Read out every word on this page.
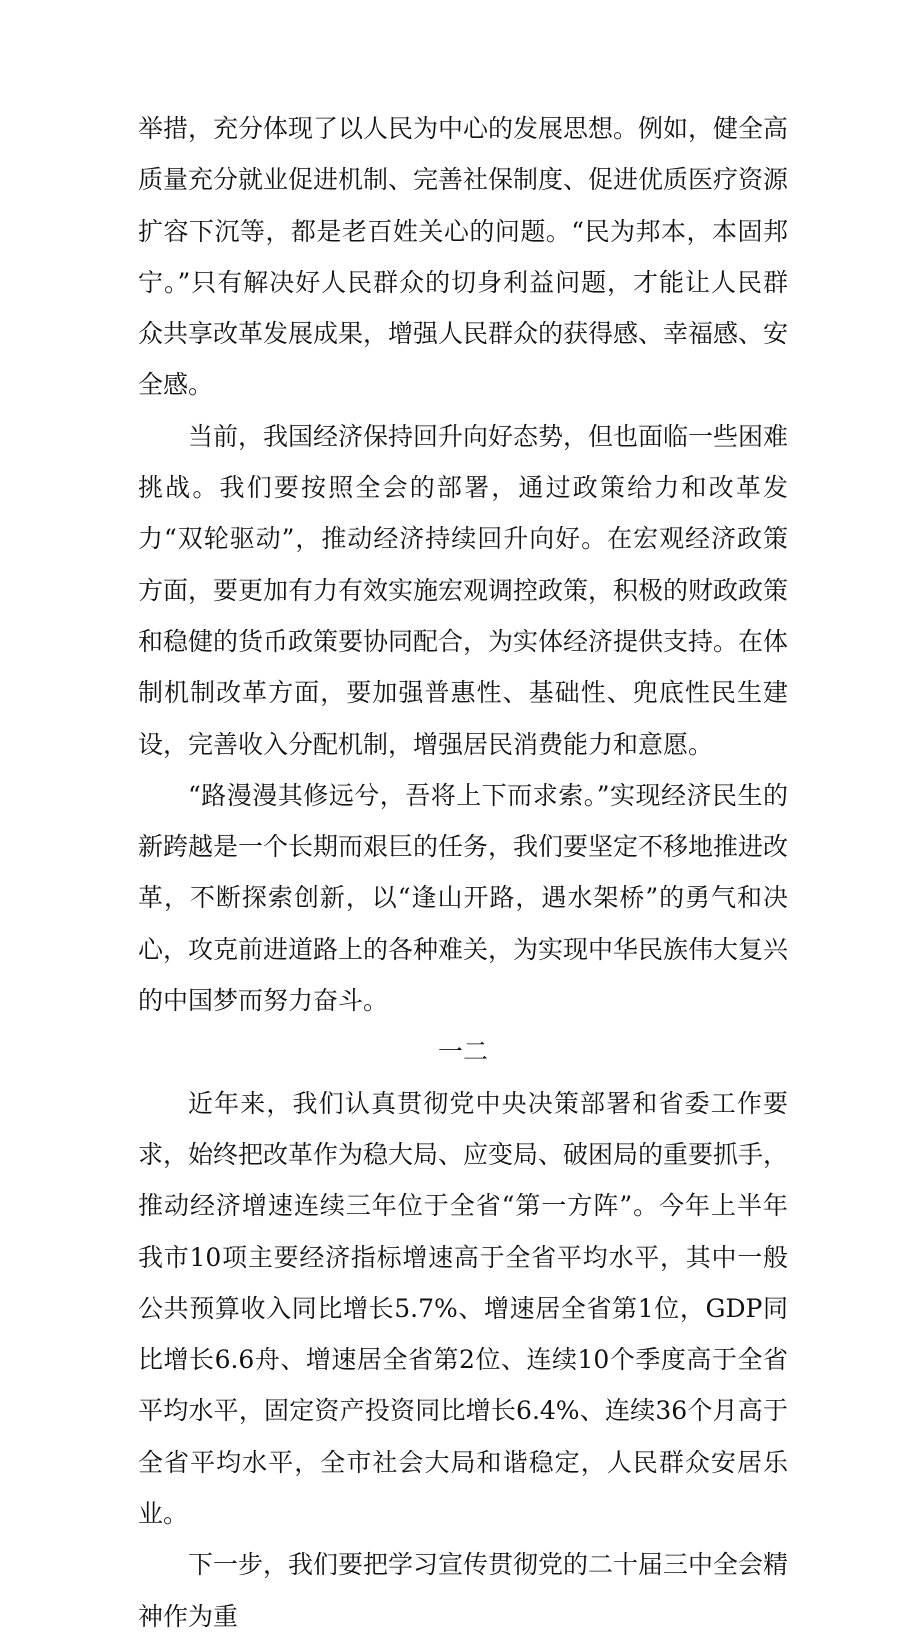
举措，充分体现了以人民为中心的发展思想。例如，健全高质量充分就业促进机制、完善社保制度、促进优质医疗资源扩容下沉等，都是老百姓关心的问题。“民为邦本，本固邦宁。”只有解决好人民群众的切身利益问题，才能让人民群众共享改革发展成果，增强人民群众的获得感、幸福感、安全感。

当前，我国经济保持回升向好态势，但也面临一些困难挑战。我们要按照全会的部署，通过政策给力和改革发力“双轮驱动”，推动经济持续回升向好。在宏观经济政策方面，要更加有力有效实施宏观调控政策，积极的财政政策和稳健的货币政策要协同配合，为实体经济提供支持。在体制机制改革方面，要加强普惠性、基础性、兜底性民生建设，完善收入分配机制，增强居民消费能力和意愿。

“路漫漫其修远兮，吾将上下而求索。”实现经济民生的新跨越是一个长期而艰巨的任务，我们要坚定不移地推进改革，不断探索创新，以“逢山开路，遇水架桥”的勇气和决心，攻克前进道路上的各种难关，为实现中华民族伟大复兴的中国梦而努力奋斗。

一二

近年来，我们认真贯彻党中央决策部署和省委工作要求，始终把改革作为稳大局、应变局、破困局的重要抓手，推动经济增速连续三年位于全省“第一方阵”。今年上半年我市10项主要经济指标增速高于全省平均水平，其中一般公共预算收入同比增长5.7%、增速居全省第1位，GDP同比增长6.6舟、增速居全省第2位、连续10个季度高于全省平均水平，固定资产投资同比增长6.4%、连续36个月高于全省平均水平，全市社会大局和谐稳定，人民群众安居乐业。

下一步，我们要把学习宣传贯彻党的二十届三中全会精神作为重
